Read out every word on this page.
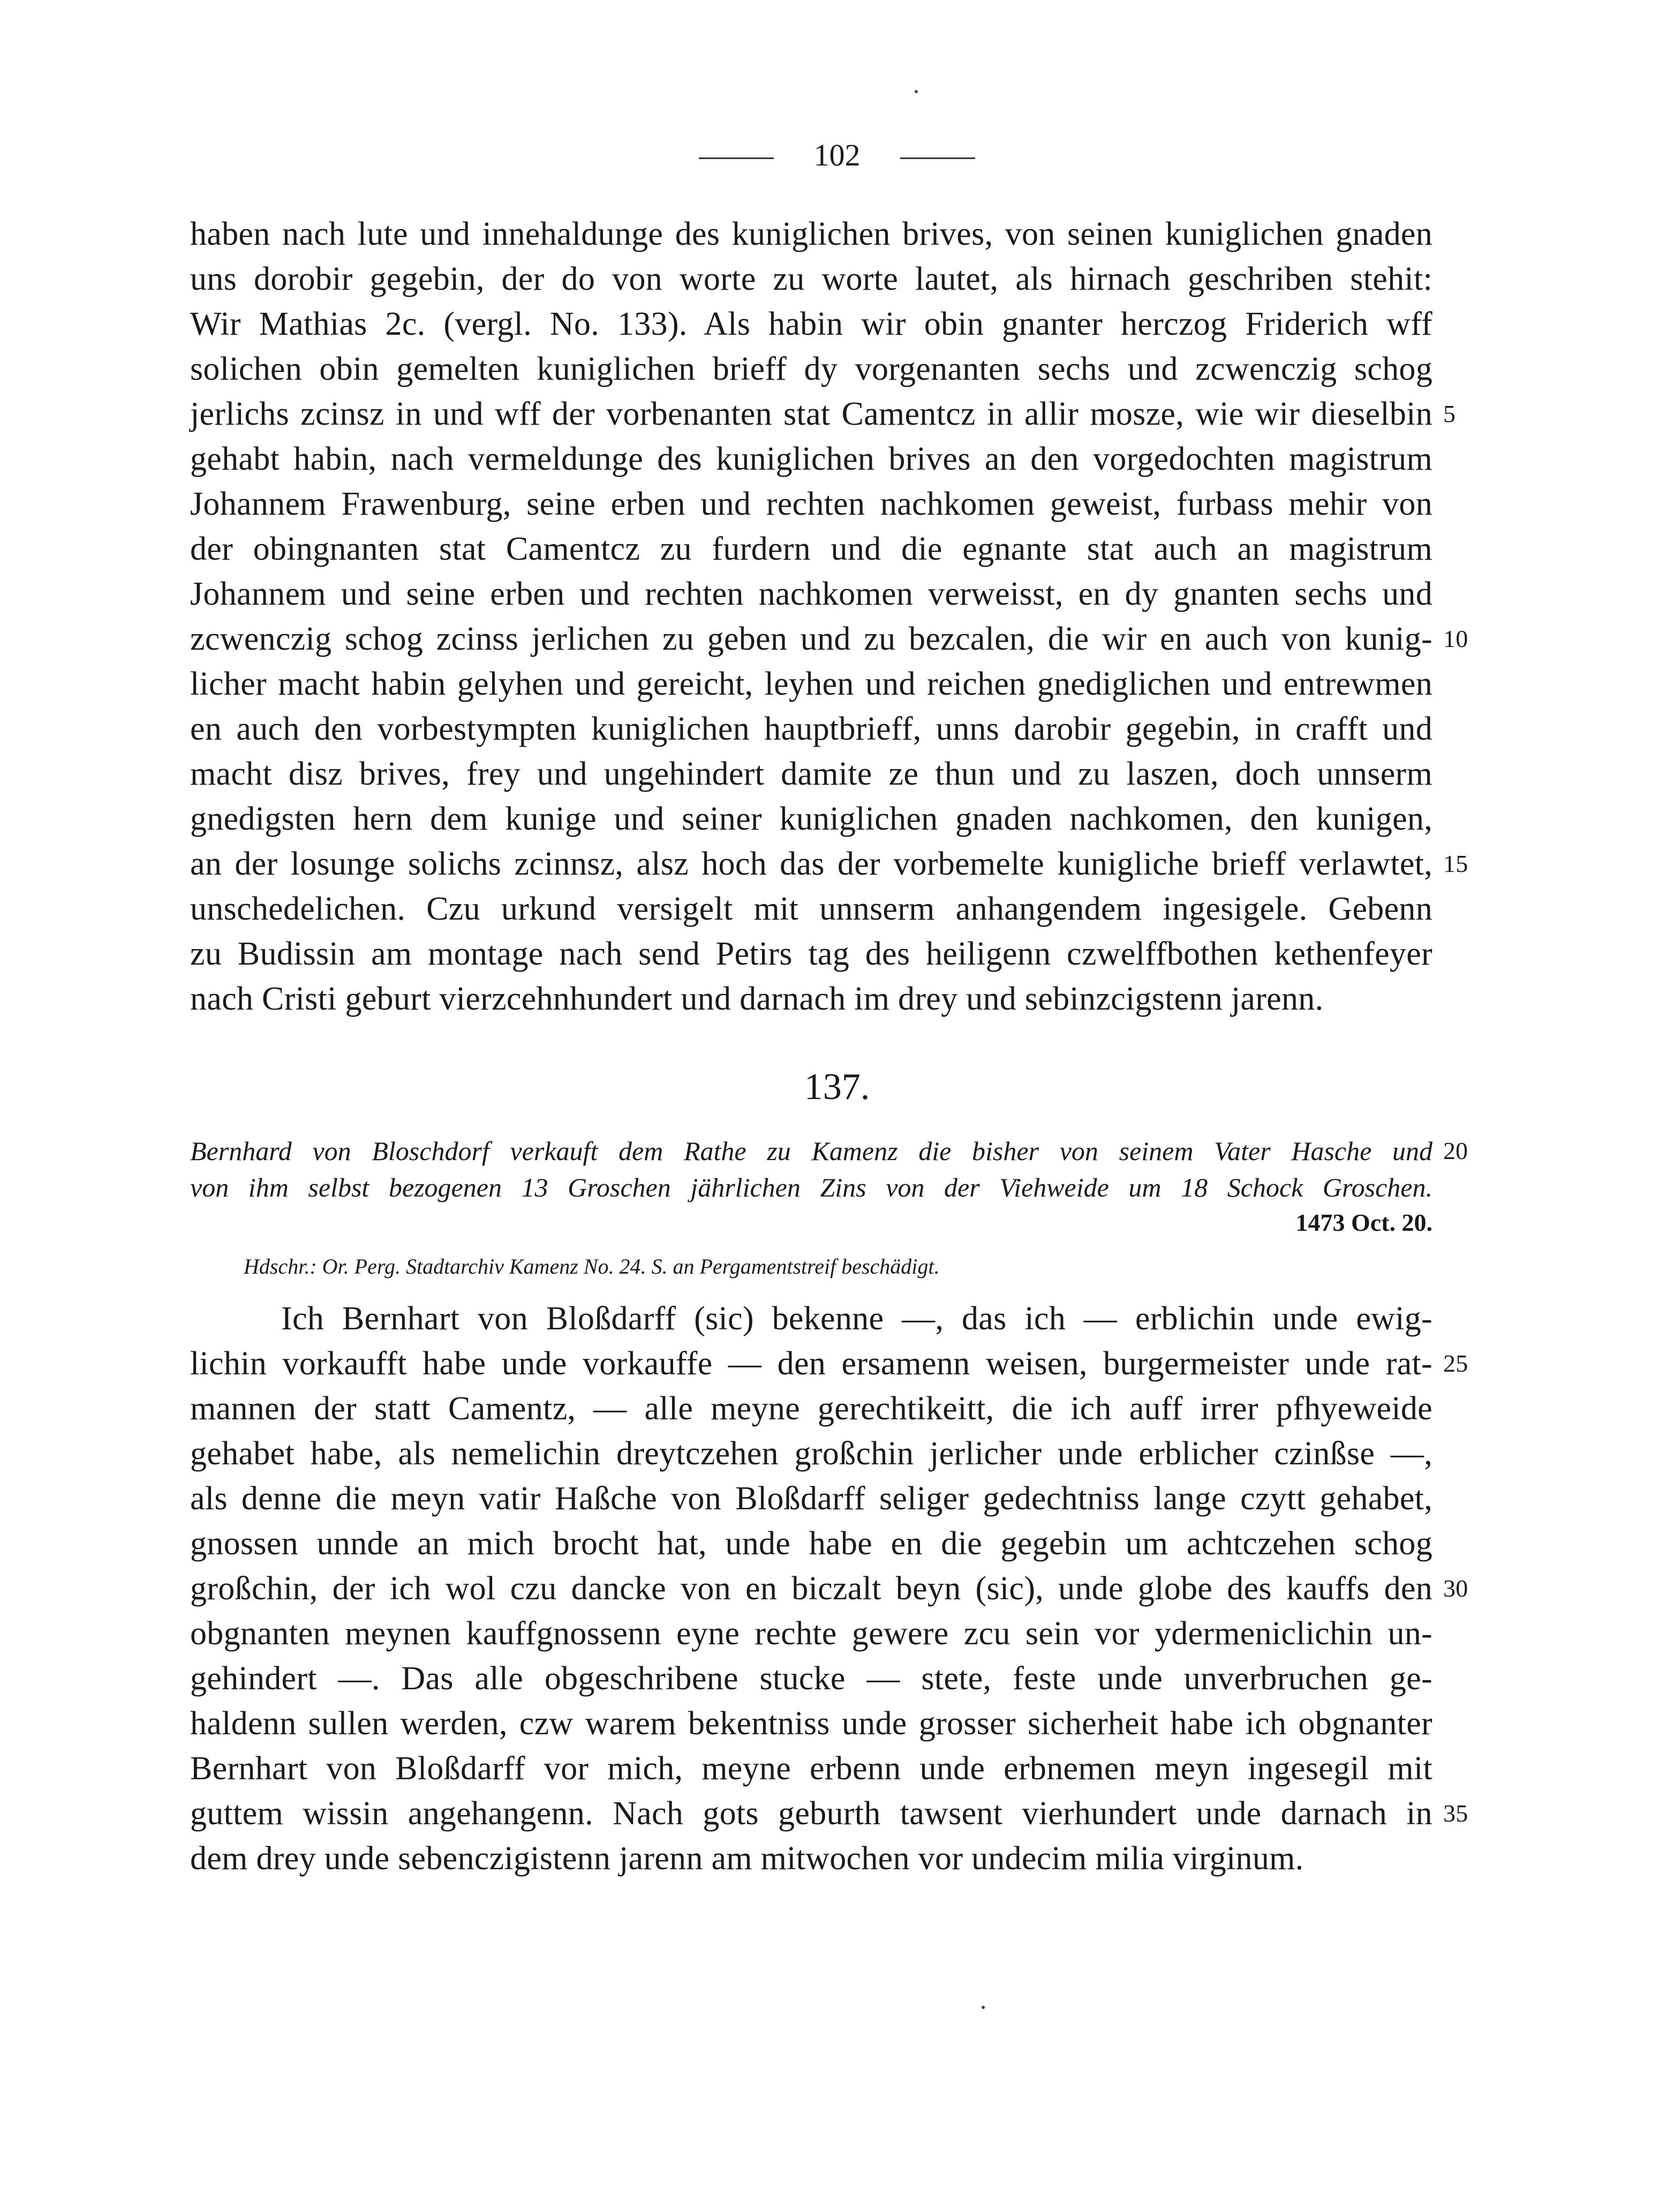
102
haben nach lute und innehaldunge des kuniglichen brives, von seinen kuniglichen gnaden
uns dorobir gegebin, der do von worte zu worte lautet, als hirnach geschriben stehit:
Wir Mathias 2c. (vergl. No. 133). Als habin wir obin gnanter herczog Friderich wff
solichen obin gemelten kuniglichen brieff dy vorgenanten sechs und zcwenczig schog
jerlichs zcinsz in und wff der vorbenanten stat Camentcz in allir mosze, wie wir dieselbin 5
gehabt habin, nach vermeldunge des kuniglichen brives an den vorgedochten magistrum
Johannem Frawenburg, seine erben und rechten nachkomen geweist, furbass mehir von
der obingnanten stat Camentcz zu furdern und die egnante stat auch an magistrum
Johannem und seine erben und rechten nachkomen verweisst, en dy gnanten sechs und
zcwenczig schog zcinss jerlichen zu geben und zu bezcalen, die wir en auch von kunig- 10
licher macht habin gelyhen und gereicht, leyhen und reichen gnediglichen und entrewmen
en auch den vorbestympten kuniglichen hauptbrieff, unns darobir gegebin, in crafft und
macht disz brives, frey und ungehindert damite ze thun und zu laszen, doch unnserm
gnedigsten hern dem kunige und seiner kuniglichen gnaden nachkomen, den kunigen,
an der losunge solichs zcinnsz, alsz hoch das der vorbemelte kunigliche brieff verlawtet, 15
unschedelichen. Czu urkund versigelt mit unnserm anhangendem ingesigele. Gebenn
zu Budissin am montage nach send Petirs tag des heiligenn czwelffbothen kethenfeyer
nach Cristi geburt vierzcehnhundert und darnach im drey und sebinzcigstenn jarenn.
137.
Bernhard von Bloschdorf verkauft dem Rathe zu Kamenz die bisher von seinem Vater Hasche und 20
von ihm selbst bezogenen 13 Groschen jährlichen Zins von der Viehweide um 18 Schock Groschen.
1473 Oct. 20.
Hdschr.: Or. Perg. Stadtarchiv Kamenz No. 24. S. an Pergamentstreif beschädigt.
Ich Bernhart von Bloßdarff (sic) bekenne —, das ich — erblichin unde ewig-
lichin vorkaufft habe unde vorkauffe — den ersamenn weisen, burgermeister unde rat- 25
mannen der statt Camentz, — alle meyne gerechtikeitt, die ich auff irrer pfhyeweide
gehabet habe, als nemelichin dreytczehen großchin jerlicher unde erblicher czinßse —,
als denne die meyn vatir Haßche von Bloßdarff seliger gedechtniss lange czytt gehabet,
gnossen unnde an mich brocht hat, unde habe en die gegebin um achtczehen schog
großchin, der ich wol czu dancke von en biczalt beyn (sic), unde globe des kauffs den 30
obgnanten meynen kauffgnossenn eyne rechte gewere zcu sein vor ydermeniclichin un-
gehindert —. Das alle obgeschribene stucke — stete, feste unde unverbruchen ge-
haldenn sullen werden, czw warem bekentniss unde grosser sicherheit habe ich obgnanter
Bernhart von Bloßdarff vor mich, meyne erbenn unde erbnemen meyn ingesegil mit
guttem wissin angehangenn. Nach gots geburth tawsent vierhundert unde darnach in 35
dem drey unde sebenczigistenn jarenn am mitwochen vor undecim milia virginum.
